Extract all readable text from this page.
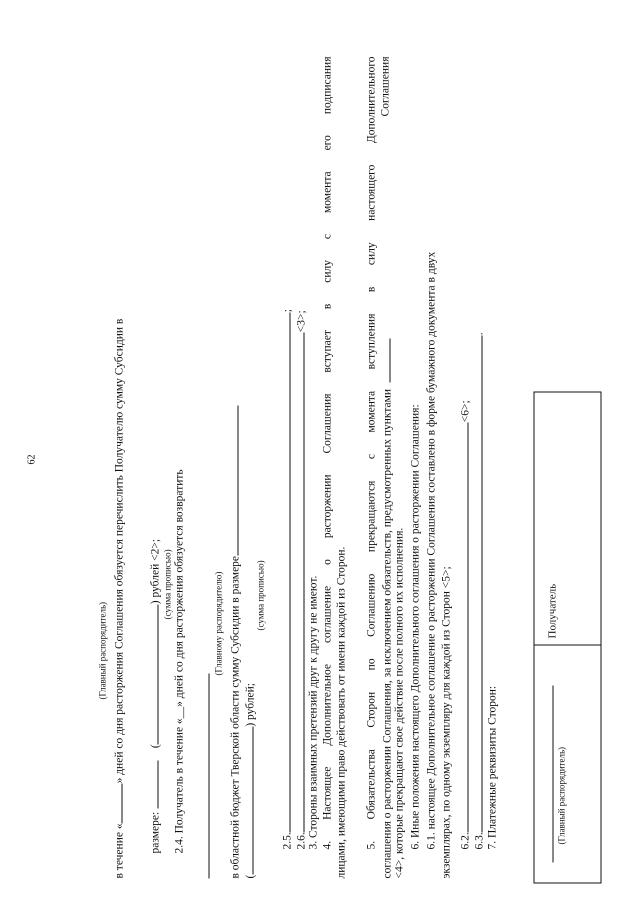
62
(Главный распорядитель)
в течение «» дней со дня расторжения Соглашения обязуется перечислить Получателю сумму Субсидии в
размере:  () рублей <2>; (сумма прописью) 2.4. Получатель в течение «__» дней со дня расторжения обязуется возвратить	(Главному распорядителю) в областной бюджет Тверской области сумму Субсидии в размере () рублей;
(сумма прописью)
2.5.;
2.6.<3>;
3. Стороны взаимных претензий друг к другу не имеют. 4. Настоящее Дополнительное соглашение о расторжении Соглашения вступает в силу с момента его подписания лицами, имеющими право действовать от имени каждой из Сторон. 5. Обязательства Сторон по Соглашению прекращаются с момента вступления в силу настоящего Дополнительного соглашения о расторжении Соглашения, за исключением обязательств, предусмотренных пунктами
Соглашения
<4>, которые прекращают свое действие после полного их исполнения. 6. Иные положения настоящего Дополнительного соглашения о расторжении Соглашения: 6.1. настоящее Дополнительное соглашение о расторжении Соглашения составлено в форме бумажного документа в двух экземплярах, по одному экземпляру для каждой из Сторон <5>; 6.2.<6>;
6.3..
7. Платежные реквизиты Сторон:	(Главный распорядитель)
	Получатель
